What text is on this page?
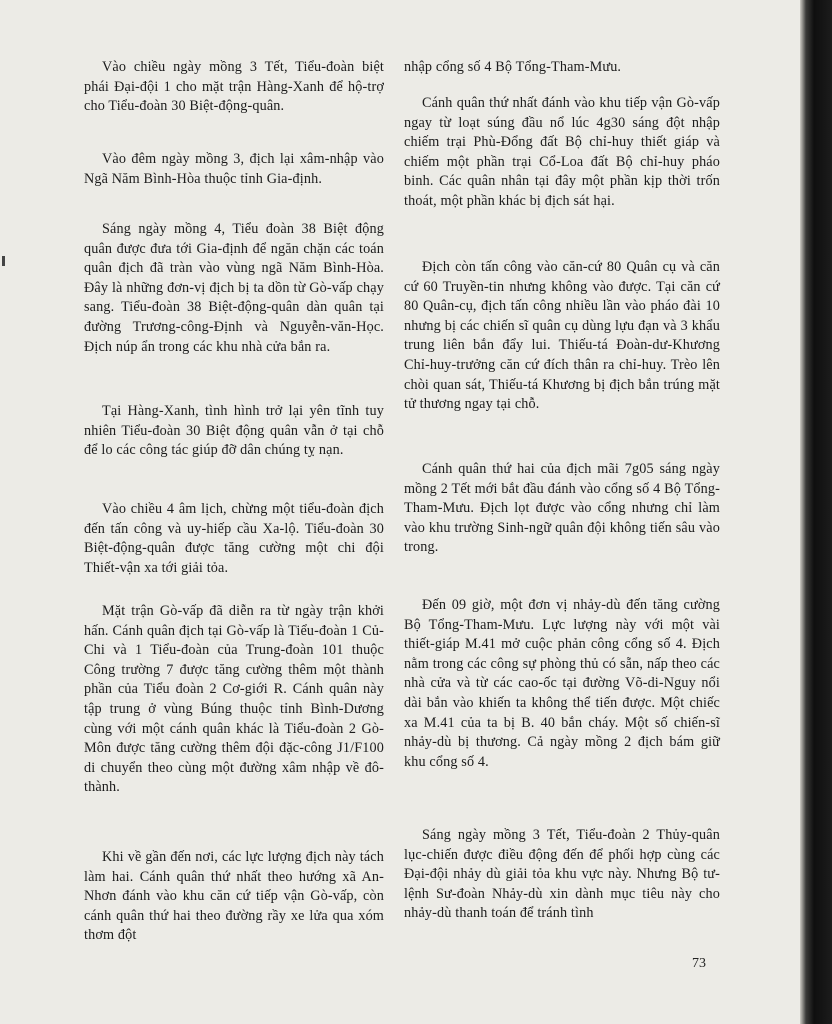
Vào chiều ngày mồng 3 Tết, Tiểu-đoàn biệt phái Đại-đội 1 cho mặt trận Hàng-Xanh để hộ-trợ cho Tiểu-đoàn 30 Biệt-động-quân.

Vào đêm ngày mồng 3, địch lại xâm-nhập vào Ngã Năm Bình-Hòa thuộc tỉnh Gia-định.

Sáng ngày mồng 4, Tiểu đoàn 38 Biệt động quân được đưa tới Gia-định để ngăn chặn các toán quân địch đã tràn vào vùng ngã Năm Bình-Hòa. Đây là những đơn-vị địch bị ta dồn từ Gò-vấp chạy sang. Tiểu-đoàn 38 Biệt-động-quân dàn quân tại đường Trương-công-Định và Nguyễn-văn-Học. Địch núp ẩn trong các khu nhà cửa bắn ra.

Tại Hàng-Xanh, tình hình trở lại yên tĩnh tuy nhiên Tiểu-đoàn 30 Biệt động quân vẫn ở tại chỗ để lo các công tác giúp đỡ dân chúng tỵ nạn.

Vào chiều 4 âm lịch, chừng một tiểu-đoàn địch đến tấn công và uy-hiếp cầu Xa-lộ. Tiểu-đoàn 30 Biệt-động-quân được tăng cường một chi đội Thiết-vận xa tới giải tỏa.

Mặt trận Gò-vấp đã diễn ra từ ngày trận khởi hấn. Cánh quân địch tại Gò-vấp là Tiểu-đoàn 1 Củ-Chi và 1 Tiểu-đoàn của Trung-đoàn 101 thuộc Công trường 7 được tăng cường thêm một thành phần của Tiểu đoàn 2 Cơ-giới R. Cánh quân này tập trung ở vùng Búng thuộc tỉnh Bình-Dương cùng với một cánh quân khác là Tiểu-đoàn 2 Gò-Môn được tăng cường thêm đội đặc-công J1/F100 di chuyển theo cùng một đường xâm nhập về đô-thành.

Khi về gần đến nơi, các lực lượng địch này tách làm hai. Cánh quân thứ nhất theo hướng xã An-Nhơn đánh vào khu căn cứ tiếp vận Gò-vấp, còn cánh quân thứ hai theo đường rầy xe lửa qua xóm thơm đột

nhập cổng số 4 Bộ Tổng-Tham-Mưu.

Cánh quân thứ nhất đánh vào khu tiếp vận Gò-vấp ngay từ loạt súng đầu nổ lúc 4g30 sáng đột nhập chiếm trại Phù-Đổng đất Bộ chỉ-huy thiết giáp và chiếm một phần trại Cổ-Loa đất Bộ chỉ-huy pháo binh. Các quân nhân tại đây một phần kịp thời trốn thoát, một phần khác bị địch sát hại.

Địch còn tấn công vào căn-cứ 80 Quân cụ và căn cứ 60 Truyền-tin nhưng không vào được. Tại căn cứ 80 Quân-cụ, địch tấn công nhiều lần vào pháo đài 10 nhưng bị các chiến sĩ quân cụ dùng lựu đạn và 3 khẩu trung liên bắn đẩy lui. Thiếu-tá Đoàn-dư-Khương Chỉ-huy-trưởng căn cứ đích thân ra chỉ-huy. Trèo lên chòi quan sát, Thiếu-tá Khương bị địch bắn trúng mặt tử thương ngay tại chỗ.

Cánh quân thứ hai của địch mãi 7g05 sáng ngày mồng 2 Tết mới bắt đầu đánh vào cổng số 4 Bộ Tổng-Tham-Mưu. Địch lọt được vào cổng nhưng chỉ làm vào khu trường Sinh-ngữ quân đội không tiến sâu vào trong.

Đến 09 giờ, một đơn vị nhảy-dù đến tăng cường Bộ Tổng-Tham-Mưu. Lực lượng này với một vài thiết-giáp M.41 mở cuộc phản công cổng số 4. Địch nằm trong các công sự phòng thủ có sẵn, nấp theo các nhà cửa và từ các cao-ốc tại đường Võ-di-Nguy nổi dài bắn vào khiến ta không thể tiến được. Một chiếc xa M.41 của ta bị B. 40 bắn cháy. Một số chiến-sĩ nhảy-dù bị thương. Cả ngày mồng 2 địch bám giữ khu cổng số 4.

Sáng ngày mồng 3 Tết, Tiểu-đoàn 2 Thủy-quân lục-chiến được điều động đến để phối hợp cùng các Đại-đội nhảy dù giải tỏa khu vực này. Nhưng Bộ tư-lệnh Sư-đoàn Nhảy-dù xin dành mục tiêu này cho nhảy-dù thanh toán để tránh tình

73
